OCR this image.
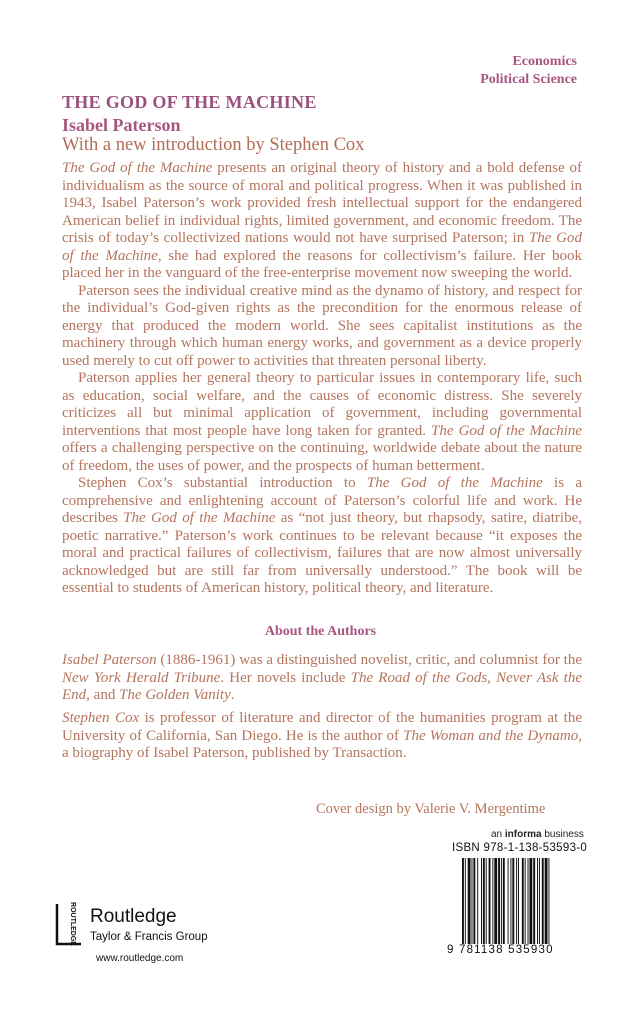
Economics
Political Science
THE GOD OF THE MACHINE
Isabel Paterson
With a new introduction by Stephen Cox

The God of the Machine presents an original theory of history and a bold defense of individualism as the source of moral and political progress. When it was published in 1943, Isabel Paterson’s work provided fresh intellectual support for the endangered American belief in individual rights, limited government, and economic freedom. The crisis of today’s collectivized nations would not have surprised Paterson; in The God of the Machine, she had explored the reasons for collectivism’s failure. Her book placed her in the vanguard of the free-enterprise movement now sweeping the world.

Paterson sees the individual creative mind as the dynamo of history, and respect for the individual’s God-given rights as the precondition for the enormous release of energy that produced the modern world. She sees capitalist institutions as the machinery through which human energy works, and government as a device properly used merely to cut off power to activities that threaten personal liberty.

Paterson applies her general theory to particular issues in contemporary life, such as education, social welfare, and the causes of economic distress. She severely criticizes all but minimal application of government, including governmental interventions that most people have long taken for granted. The God of the Machine offers a challenging perspective on the continuing, worldwide debate about the nature of freedom, the uses of power, and the prospects of human betterment.

Stephen Cox’s substantial introduction to The God of the Machine is a comprehensive and enlightening account of Paterson’s colorful life and work. He describes The God of the Machine as “not just theory, but rhapsody, satire, diatribe, poetic narrative.” Paterson’s work continues to be relevant because “it exposes the moral and practical failures of collectivism, failures that are now almost universally acknowledged but are still far from universally understood.” The book will be essential to students of American history, political theory, and literature.

About the Authors

Isabel Paterson (1886-1961) was a distinguished novelist, critic, and columnist for the New York Herald Tribune. Her novels include The Road of the Gods, Never Ask the End, and The Golden Vanity.

Stephen Cox is professor of literature and director of the humanities program at the University of California, San Diego. He is the author of The Woman and the Dynamo, a biography of Isabel Paterson, published by Transaction.

Cover design by Valerie V. Mergentime
an informa business
ISBN 978-1-138-53593-0
9 781138 535930
ROUTLEDGE Routledge
Taylor & Francis Group
www.routledge.com
